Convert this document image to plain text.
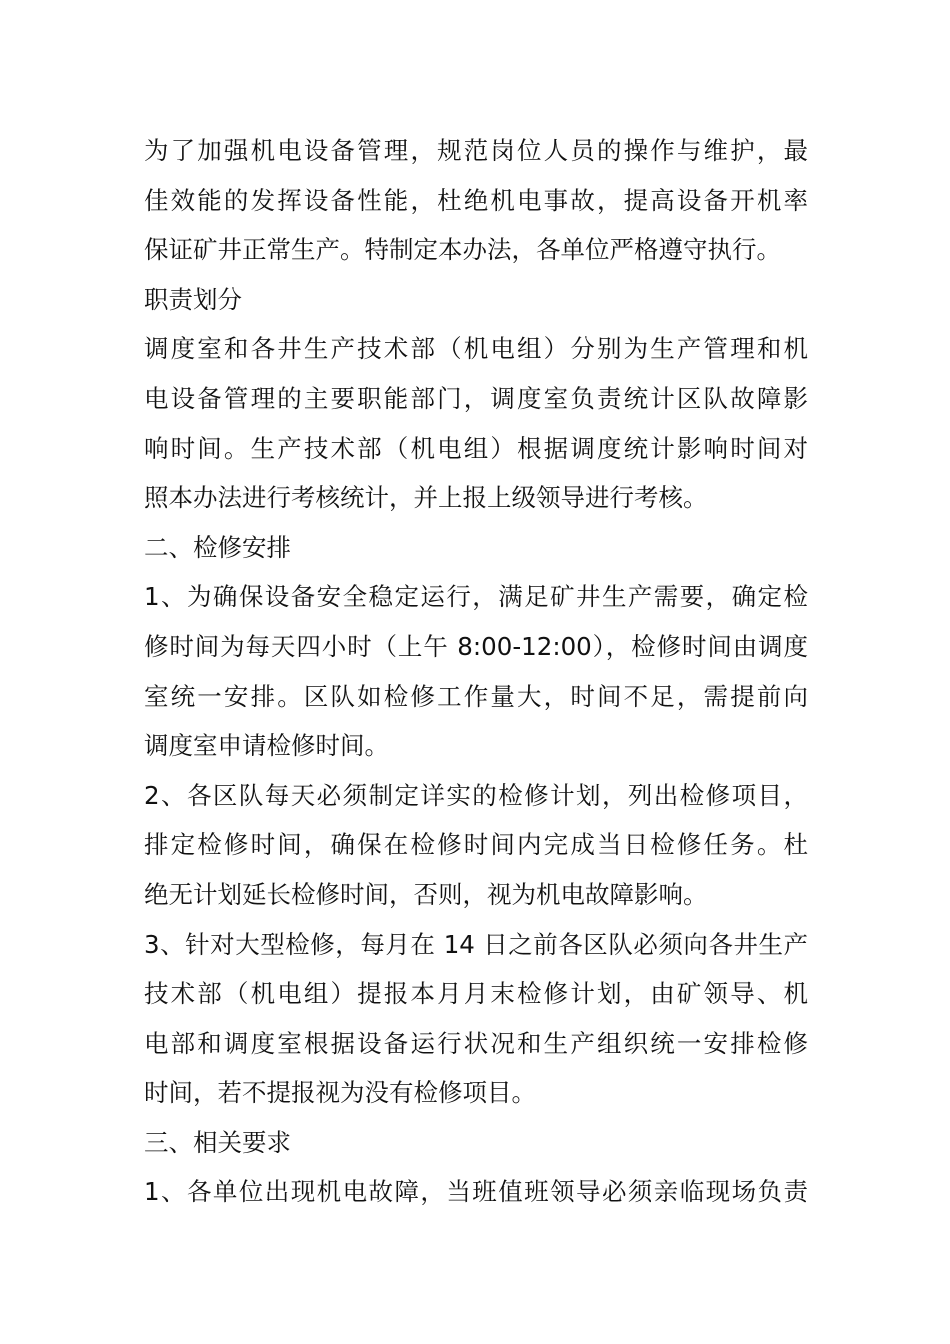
为了加强机电设备管理，规范岗位人员的操作与维护，最
佳效能的发挥设备性能，杜绝机电事故，提高设备开机率
保证矿井正常生产。特制定本办法，各单位严格遵守执行。
职责划分
调度室和各井生产技术部（机电组）分别为生产管理和机
电设备管理的主要职能部门，调度室负责统计区队故障影
响时间。生产技术部（机电组）根据调度统计影响时间对
照本办法进行考核统计，并上报上级领导进行考核。
二、检修安排
1、为确保设备安全稳定运行，满足矿井生产需要，确定检
修时间为每天四小时（上午 8:00-12:00），检修时间由调度
室统一安排。区队如检修工作量大，时间不足，需提前向
调度室申请检修时间。
2、各区队每天必须制定详实的检修计划，列出检修项目，
排定检修时间，确保在检修时间内完成当日检修任务。杜
绝无计划延长检修时间，否则，视为机电故障影响。
3、针对大型检修，每月在 14 日之前各区队必须向各井生产
技术部（机电组）提报本月月末检修计划，由矿领导、机
电部和调度室根据设备运行状况和生产组织统一安排检修
时间，若不提报视为没有检修项目。
三、相关要求
1、各单位出现机电故障，当班值班领导必须亲临现场负责
